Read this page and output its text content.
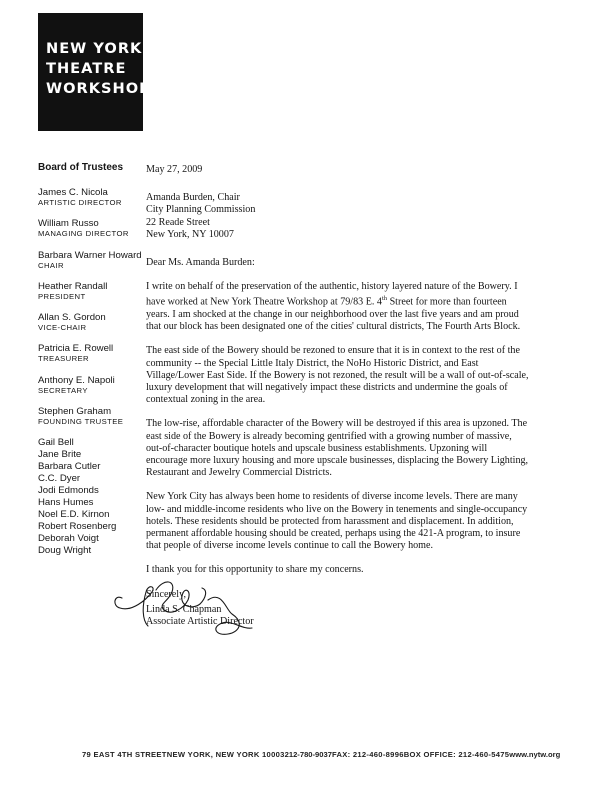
NEW YORK
THEATRE
WORKSHOP
Board of Trustees
James C. Nicola
ARTISTIC DIRECTOR
William Russo
MANAGING DIRECTOR
Barbara Warner Howard
CHAIR
Heather Randall
PRESIDENT
Allan S. Gordon
VICE-CHAIR
Patricia E. Rowell
TREASURER
Anthony E. Napoli
SECRETARY
Stephen Graham
FOUNDING TRUSTEE
Gail Bell
Jane Brite
Barbara Cutler
C.C. Dyer
Jodi Edmonds
Hans Humes
Noel E.D. Kirnon
Robert Rosenberg
Deborah Voigt
Doug Wright
May 27, 2009
Amanda Burden, Chair
City Planning Commission
22 Reade Street
New York, NY 10007
Dear Ms. Amanda Burden:

I write on behalf of the preservation of the authentic, history layered nature of the Bowery. I have worked at New York Theatre Workshop at 79/83 E. 4th Street for more than fourteen years. I am shocked at the change in our neighborhood over the last five years and am proud that our block has been designated one of the cities' cultural districts, The Fourth Arts Block.

The east side of the Bowery should be rezoned to ensure that it is in context to the rest of the community -- the Special Little Italy District, the NoHo Historic District, and East Village/Lower East Side. If the Bowery is not rezoned, the result will be a wall of out-of-scale, luxury development that will negatively impact these districts and undermine the goals of contextual zoning in the area.

The low-rise, affordable character of the Bowery will be destroyed if this area is upzoned. The east side of the Bowery is already becoming gentrified with a growing number of massive, out-of-character boutique hotels and upscale business establishments. Upzoning will encourage more luxury housing and more upscale businesses, displacing the Bowery Lighting, Restaurant and Jewelry Commercial Districts.

New York City has always been home to residents of diverse income levels. There are many low- and middle-income residents who live on the Bowery in tenements and single-occupancy hotels. These residents should be protected from harassment and displacement. In addition, permanent affordable housing should be created, perhaps using the 421-A program, to insure that people of diverse income levels continue to call the Bowery home.

I thank you for this opportunity to share my concerns.

Sincerely,

Linda S. Chapman
Associate Artistic Director
79 EAST 4TH STREET NEW YORK, NEW YORK 10003 212-780-9037 FAX: 212-460-8996 BOX OFFICE: 212-460-5475 www.nytw.org
